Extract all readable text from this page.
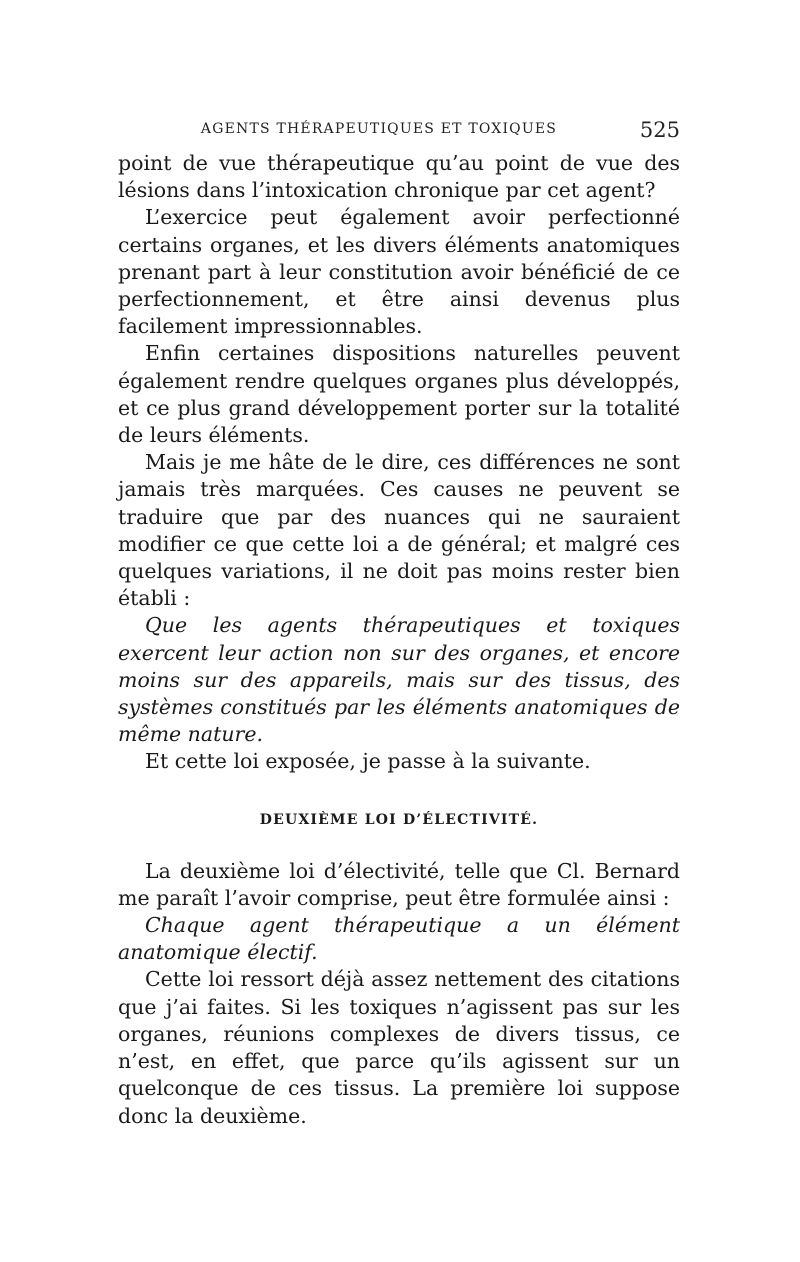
AGENTS THÉRAPEUTIQUES ET TOXIQUES	525

point de vue thérapeutique qu’au point de vue des lésions dans l’intoxication chronique par cet agent?

L’exercice peut également avoir perfectionné certains organes, et les divers éléments anatomiques prenant part à leur constitution avoir bénéficié de ce perfectionnement, et être ainsi devenus plus facilement impressionnables.

Enfin certaines dispositions naturelles peuvent également rendre quelques organes plus développés, et ce plus grand développement porter sur la totalité de leurs éléments.

Mais je me hâte de le dire, ces différences ne sont jamais très marquées. Ces causes ne peuvent se traduire que par des nuances qui ne sauraient modifier ce que cette loi a de général; et malgré ces quelques variations, il ne doit pas moins rester bien établi :

Que les agents thérapeutiques et toxiques exercent leur action non sur des organes, et encore moins sur des appareils, mais sur des tissus, des systèmes constitués par les éléments anatomiques de même nature.

Et cette loi exposée, je passe à la suivante.

DEUXIÈME LOI D’ÉLECTIVITÉ.

La deuxième loi d’électivité, telle que Cl. Bernard me paraît l’avoir comprise, peut être formulée ainsi :

Chaque agent thérapeutique a un élément anatomique électif.

Cette loi ressort déjà assez nettement des citations que j’ai faites. Si les toxiques n’agissent pas sur les organes, réunions complexes de divers tissus, ce n’est, en effet, que parce qu’ils agissent sur un quelconque de ces tissus. La première loi suppose donc la deuxième.
